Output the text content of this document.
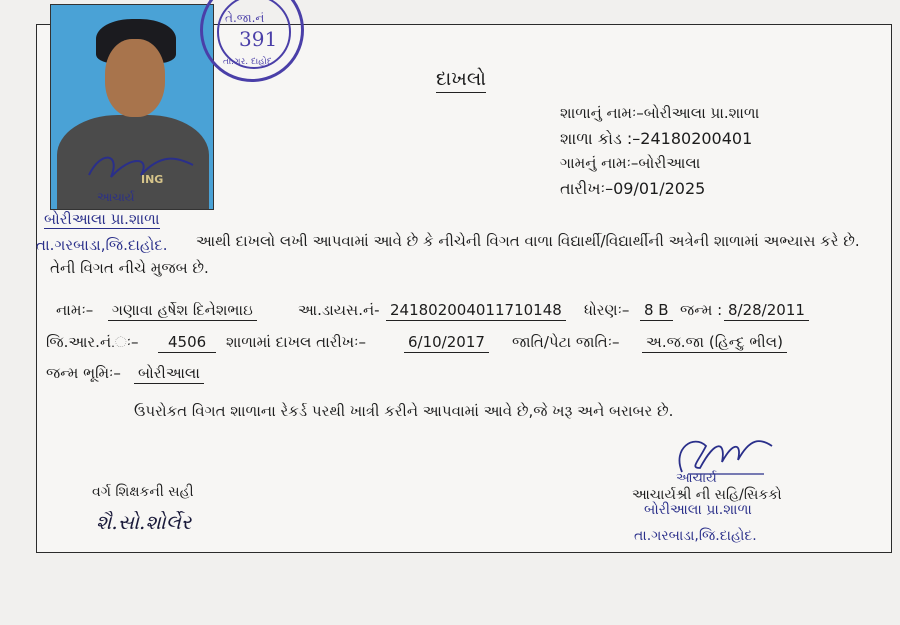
ING
તે.જા.નં
391
તા.ગર. દાહોદ
આચાર્ય
દાખલો
શાળાનું નામઃ–બોરીઆલા પ્રા.શાળા
શાળા કોડ :–24180200401
ગામનું નામઃ–બોરીઆલા
તારીખઃ–09/01/2025
બોરીઆલા પ્રા.શાળા
તા.ગરબાડા,જિ.દાહોદ. આથી દાખલો લખી આપવામાં આવે છે કે નીચેની વિગત વાળા વિદ્યાર્થી/વિદ્યાર્થીની અત્રેની શાળામાં અભ્યાસ કરે છે.
તેની વિગત નીચે મુજબ છે.
નામઃ– ગણાવા હર્ષેશ દિનેશભાઇ	આ.ડાયસ.નં- 241802004011710148 ધોરણઃ– 8 B જન્મ : 8/28/2011
જિ.આર.નં.ઃ–	4506	શાળામાં દાખલ તારીખઃ–	6/10/2017 જાતિ/પેટા જાતિઃ– અ.જ.જા (હિન્દુ ભીલ)
જન્મ ભૂમિઃ– બોરીઆલા
ઉપરોકત વિગત શાળાના રેકર્ડ પરથી ખાત્રી કરીને આપવામાં આવે છે,જે ખરૂ અને બરાબર છે.
આચાર્ય
વર્ગ શિક્ષકની સહી
શૈ.સો.શોર્લેર
આચાર્યશ્રી ની સહિ/સિકકો
બોરીઆલા પ્રા.શાળા
તા.ગરબાડા,જિ.દાહોદ.
